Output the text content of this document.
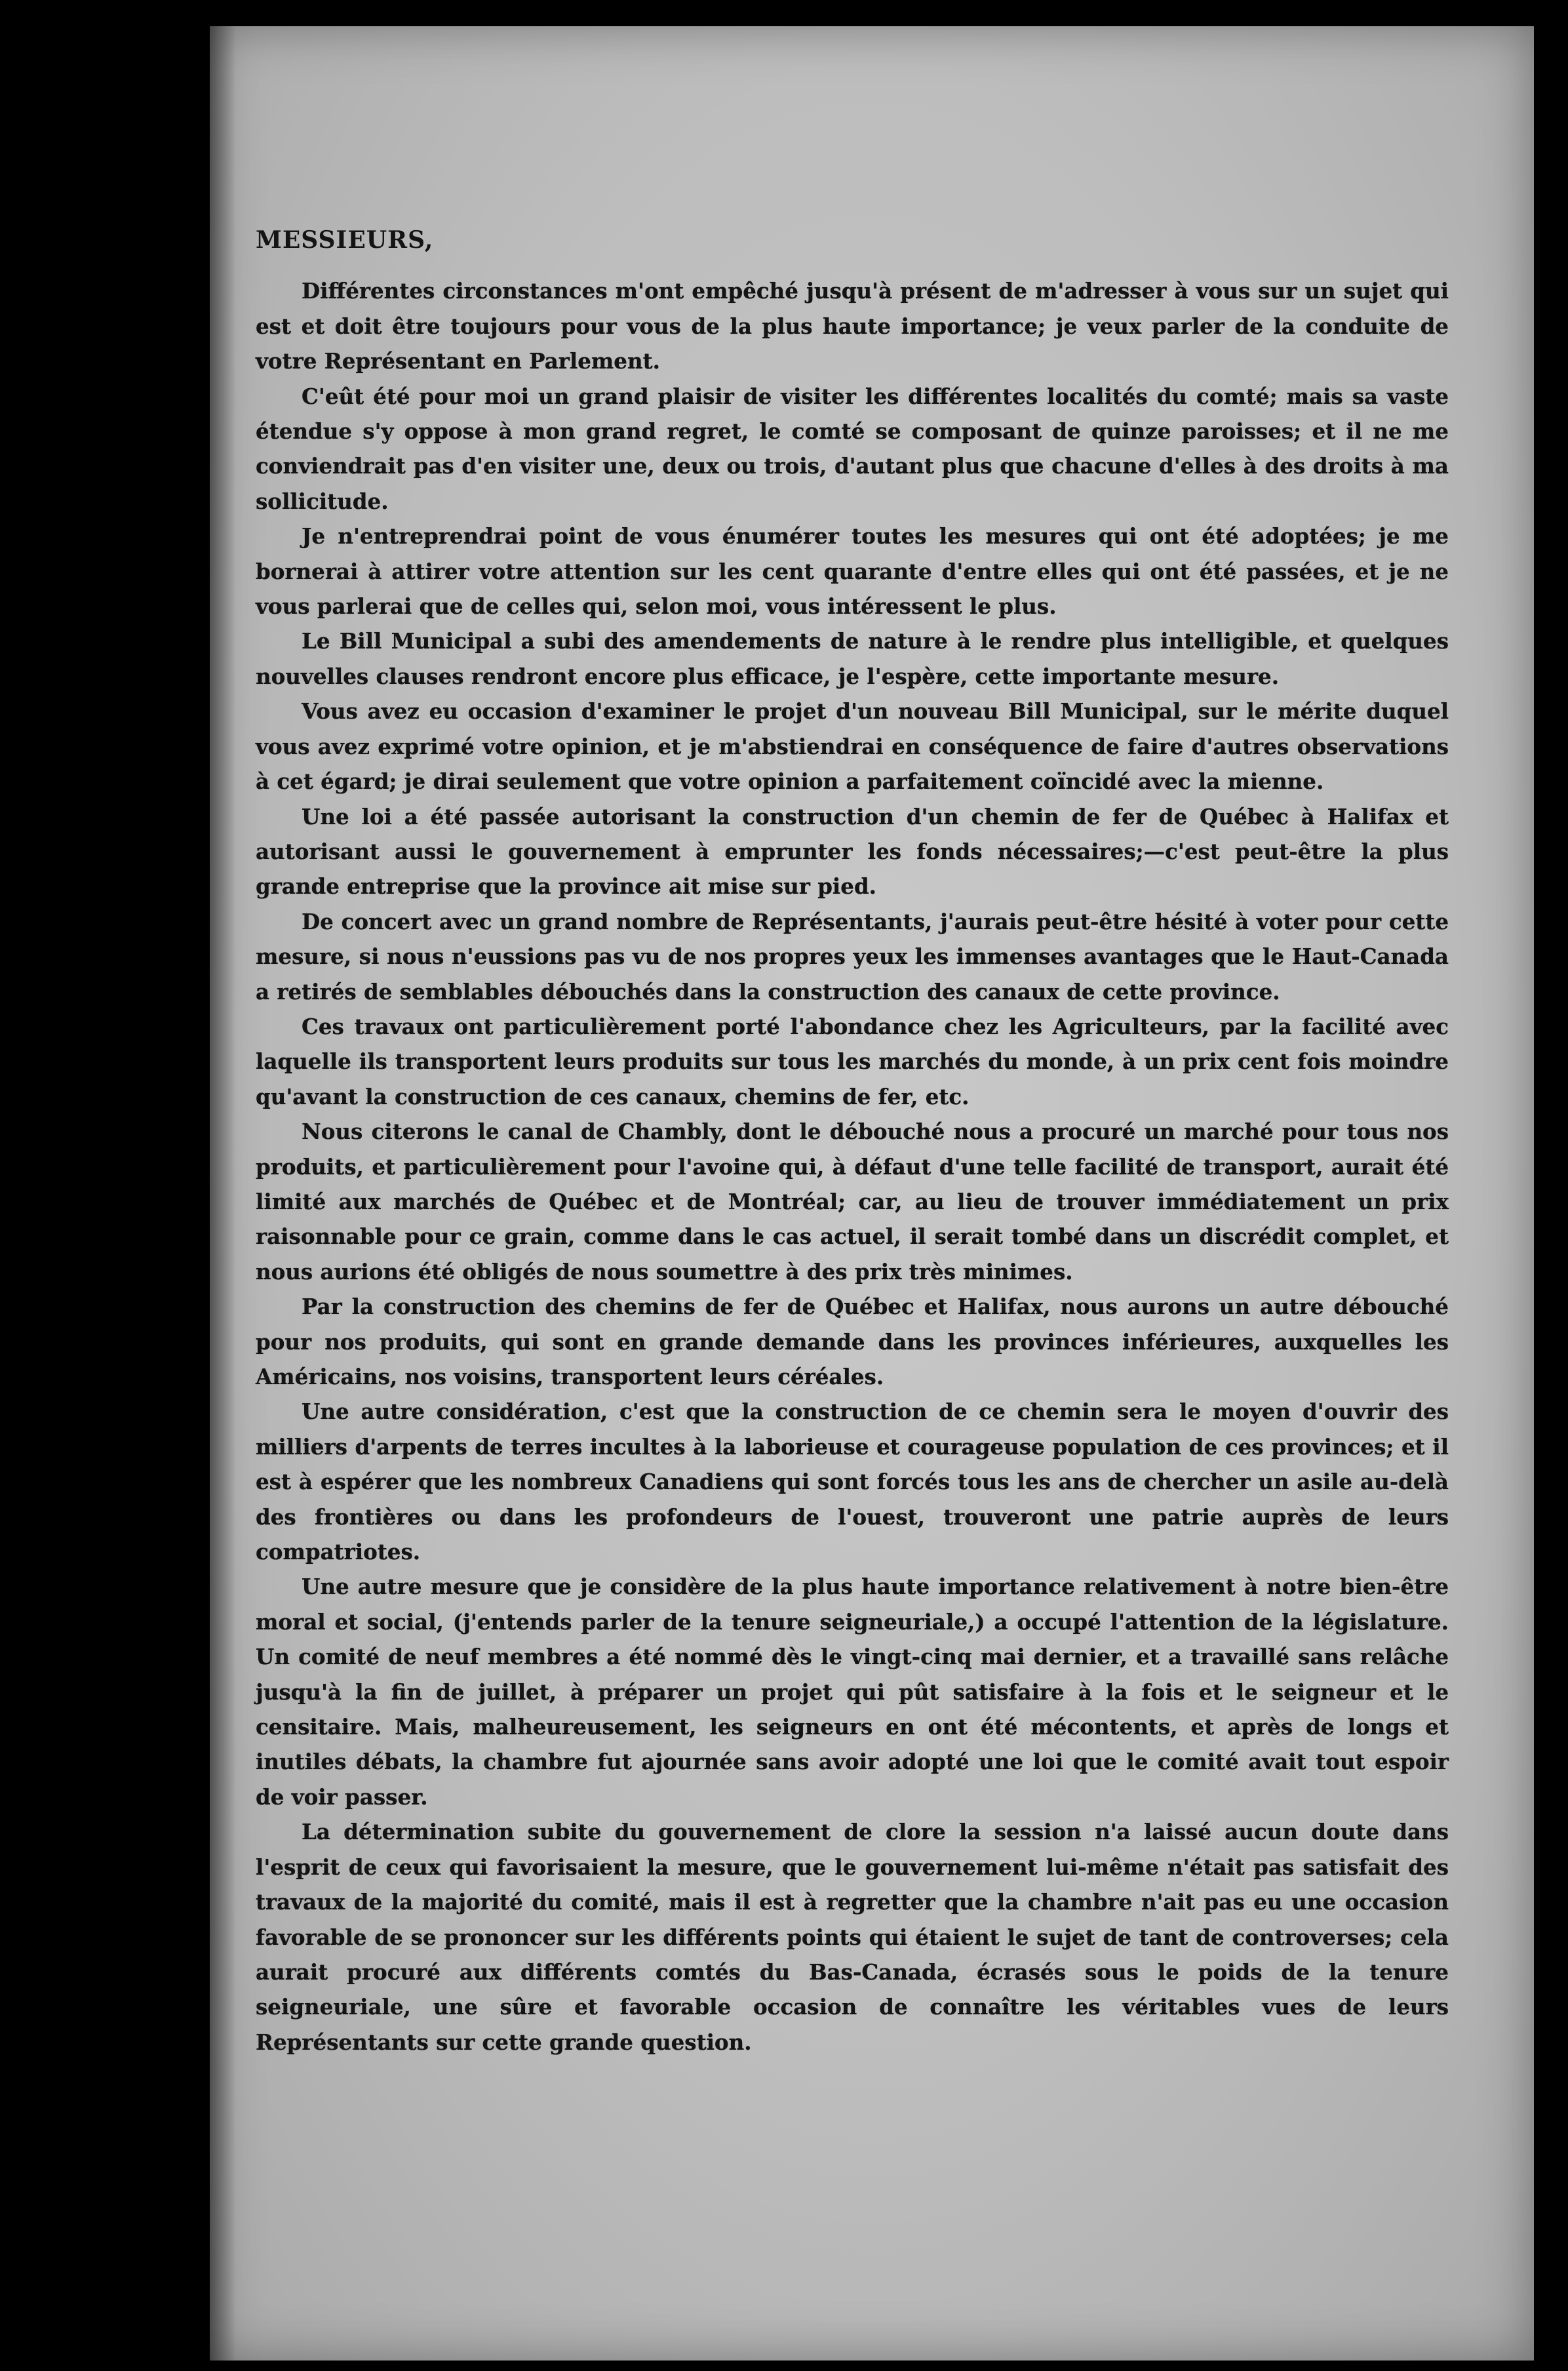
MESSIEURS,

Différentes circonstances m'ont empêché jusqu'à présent de m'adresser à vous sur un sujet qui est et doit être toujours pour vous de la plus haute importance; je veux parler de la conduite de votre Représentant en Parlement.

C'eût été pour moi un grand plaisir de visiter les différentes localités du comté; mais sa vaste étendue s'y oppose à mon grand regret, le comté se composant de quinze paroisses; et il ne me conviendrait pas d'en visiter une, deux ou trois, d'autant plus que chacune d'elles à des droits à ma sollicitude.

Je n'entreprendrai point de vous énumérer toutes les mesures qui ont été adoptées; je me bornerai à attirer votre attention sur les cent quarante d'entre elles qui ont été passées, et je ne vous parlerai que de celles qui, selon moi, vous intéressent le plus.

Le Bill Municipal a subi des amendements de nature à le rendre plus intelligible, et quelques nouvelles clauses rendront encore plus efficace, je l'espère, cette importante mesure.

Vous avez eu occasion d'examiner le projet d'un nouveau Bill Municipal, sur le mérite duquel vous avez exprimé votre opinion, et je m'abstiendrai en conséquence de faire d'autres observations à cet égard; je dirai seulement que votre opinion a parfaitement coïncidé avec la mienne.

Une loi a été passée autorisant la construction d'un chemin de fer de Québec à Halifax et autorisant aussi le gouvernement à emprunter les fonds nécessaires;—c'est peut-être la plus grande entreprise que la province ait mise sur pied.

De concert avec un grand nombre de Représentants, j'aurais peut-être hésité à voter pour cette mesure, si nous n'eussions pas vu de nos propres yeux les immenses avantages que le Haut-Canada a retirés de semblables débouchés dans la construction des canaux de cette province.

Ces travaux ont particulièrement porté l'abondance chez les Agriculteurs, par la facilité avec laquelle ils transportent leurs produits sur tous les marchés du monde, à un prix cent fois moindre qu'avant la construction de ces canaux, chemins de fer, etc.

Nous citerons le canal de Chambly, dont le débouché nous a procuré un marché pour tous nos produits, et particulièrement pour l'avoine qui, à défaut d'une telle facilité de transport, aurait été limité aux marchés de Québec et de Montréal; car, au lieu de trouver immédiatement un prix raisonnable pour ce grain, comme dans le cas actuel, il serait tombé dans un discrédit complet, et nous aurions été obligés de nous soumettre à des prix très minimes.

Par la construction des chemins de fer de Québec et Halifax, nous aurons un autre débouché pour nos produits, qui sont en grande demande dans les provinces inférieures, auxquelles les Américains, nos voisins, transportent leurs céréales.

Une autre considération, c'est que la construction de ce chemin sera le moyen d'ouvrir des milliers d'arpents de terres incultes à la laborieuse et courageuse population de ces provinces; et il est à espérer que les nombreux Canadiens qui sont forcés tous les ans de chercher un asile au-delà des frontières ou dans les profondeurs de l'ouest, trouveront une patrie auprès de leurs compatriotes.

Une autre mesure que je considère de la plus haute importance relativement à notre bien-être moral et social, (j'entends parler de la tenure seigneuriale,) a occupé l'attention de la législature. Un comité de neuf membres a été nommé dès le vingt-cinq mai dernier, et a travaillé sans relâche jusqu'à la fin de juillet, à préparer un projet qui pût satisfaire à la fois et le seigneur et le censitaire. Mais, malheureusement, les seigneurs en ont été mécontents, et après de longs et inutiles débats, la chambre fut ajournée sans avoir adopté une loi que le comité avait tout espoir de voir passer.

La détermination subite du gouvernement de clore la session n'a laissé aucun doute dans l'esprit de ceux qui favorisaient la mesure, que le gouvernement lui-même n'était pas satisfait des travaux de la majorité du comité, mais il est à regretter que la chambre n'ait pas eu une occasion favorable de se prononcer sur les différents points qui étaient le sujet de tant de controverses; cela aurait procuré aux différents comtés du Bas-Canada, écrasés sous le poids de la tenure seigneuriale, une sûre et favorable occasion de connaître les véritables vues de leurs Représentants sur cette grande question.
